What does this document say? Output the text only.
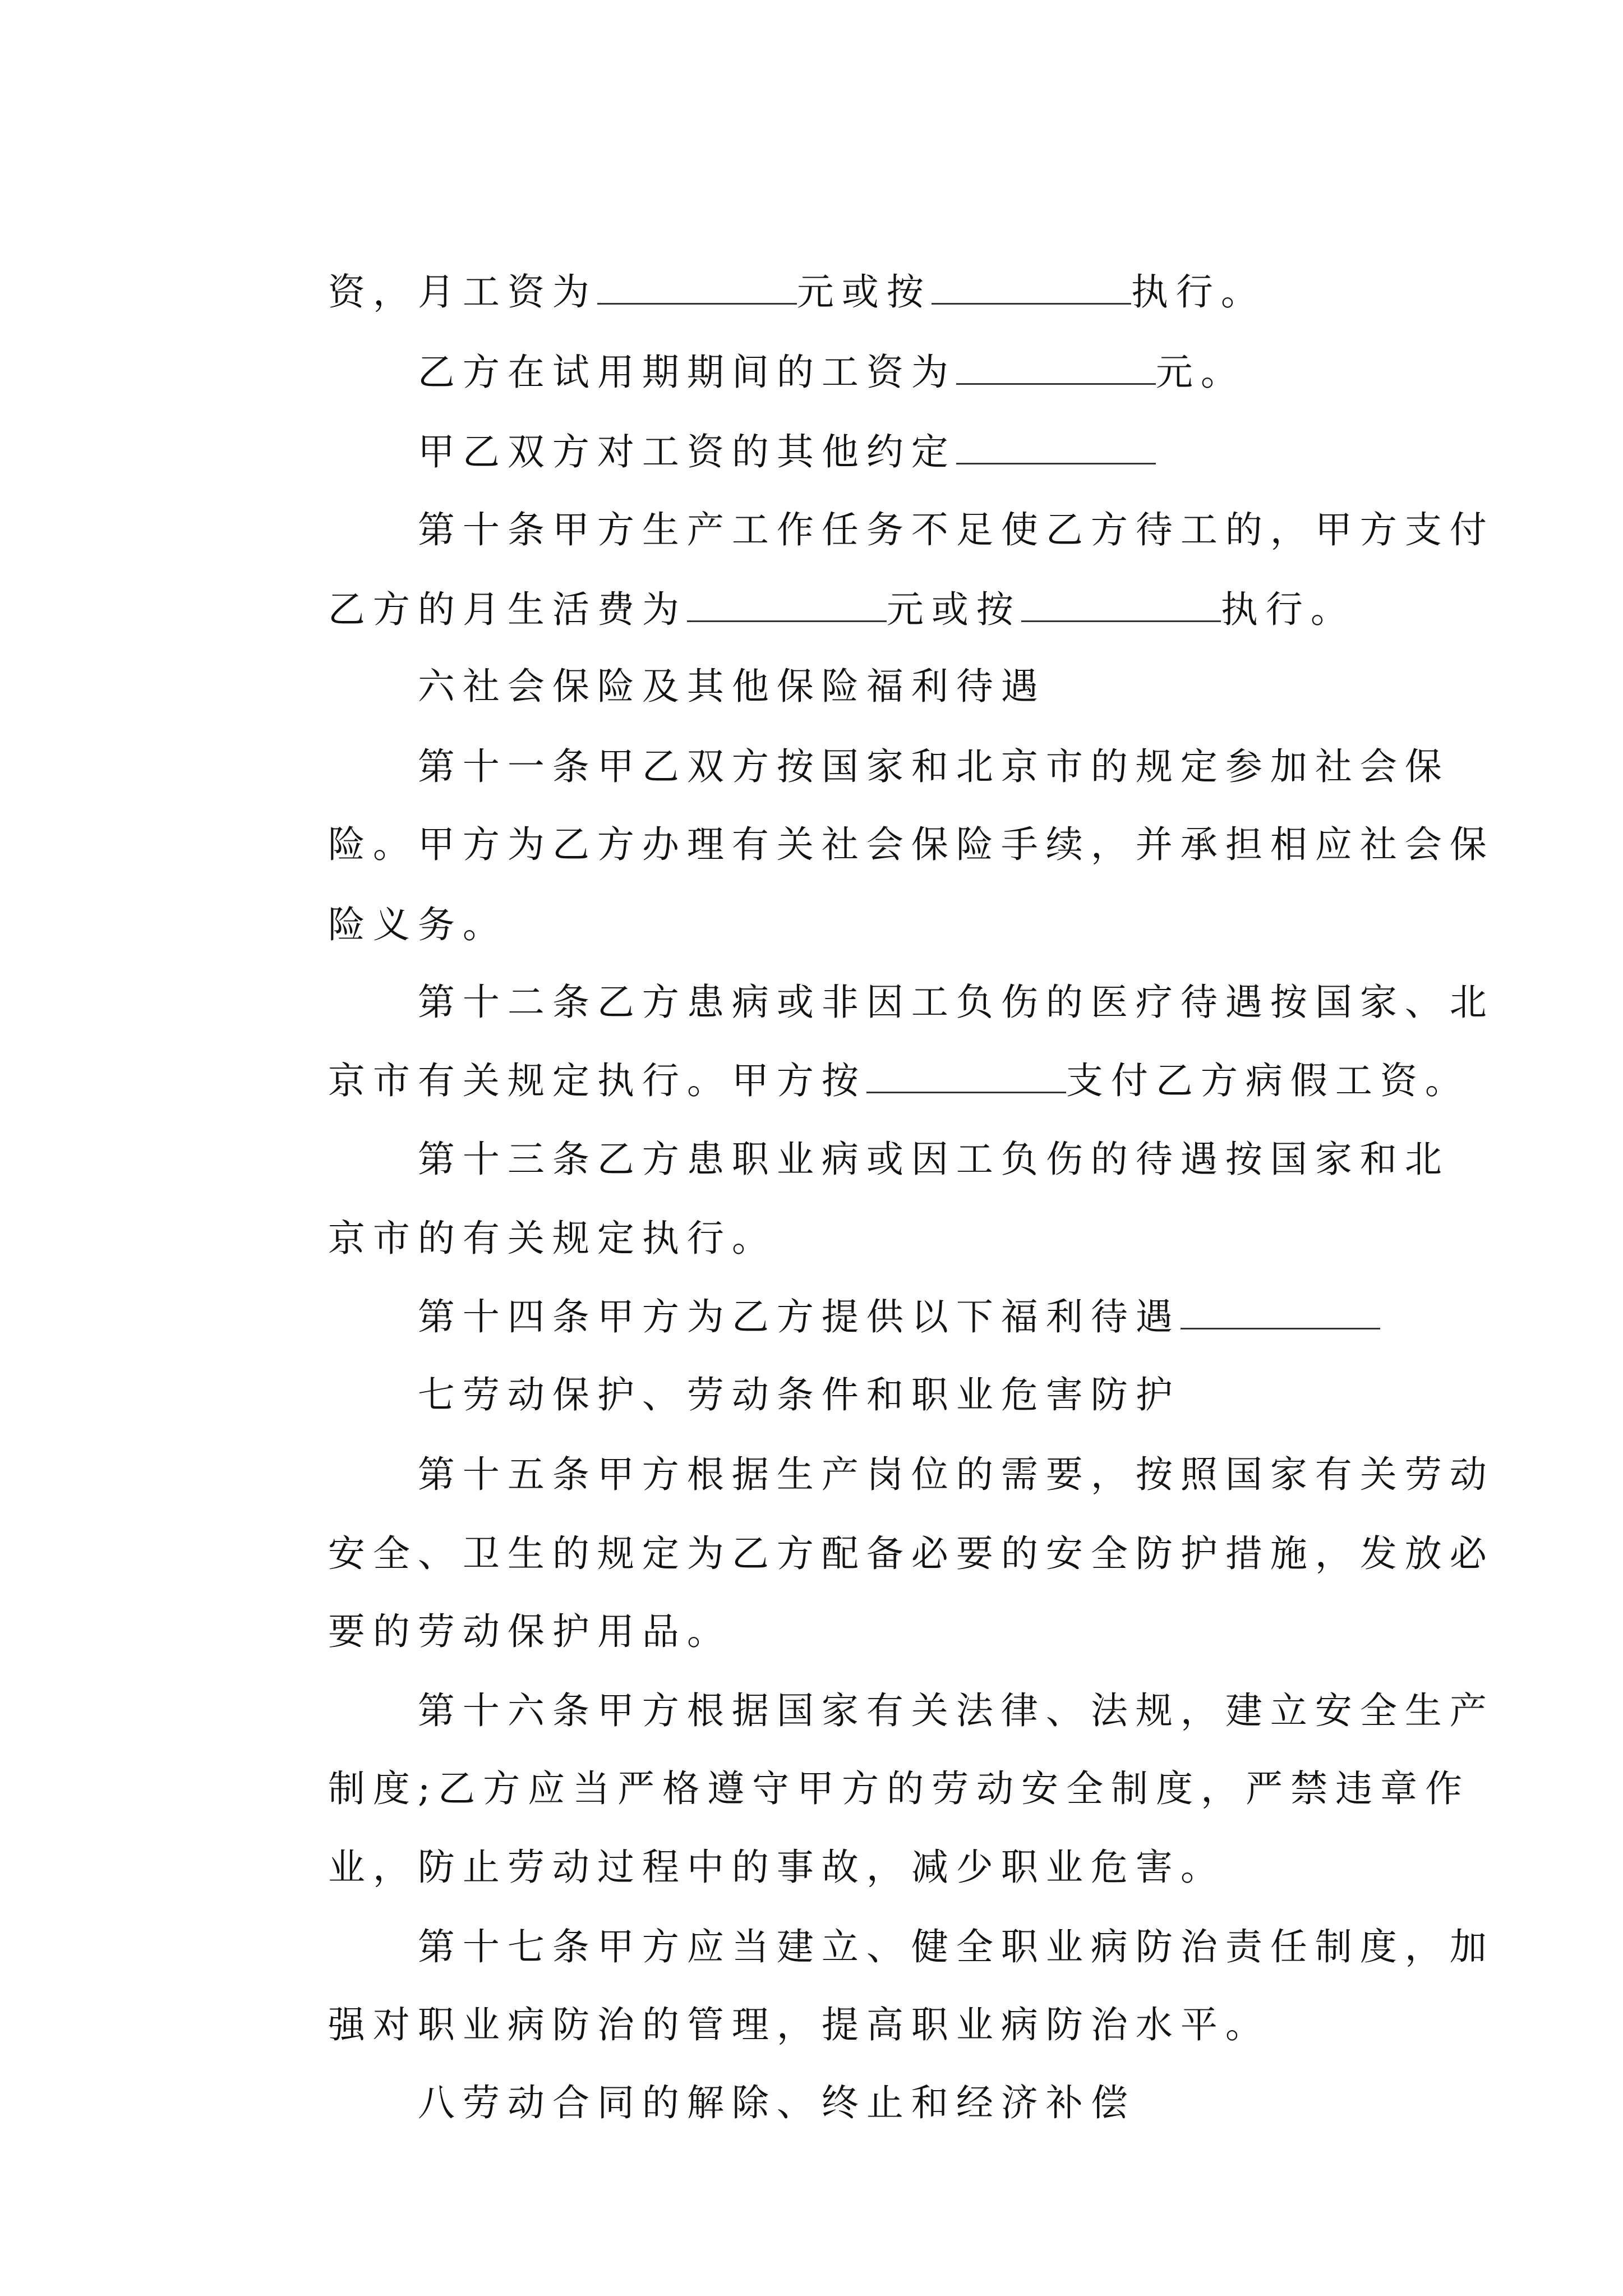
资，月工资为	元或按	执行。

乙方在试用期期间的工资为	元。

甲乙双方对工资的其他约定

第十条甲方生产工作任务不足使乙方待工的，甲方支付

乙方的月生活费为	元或按	执行。

六社会保险及其他保险福利待遇

第十一条甲乙双方按国家和北京市的规定参加社会保

险。甲方为乙方办理有关社会保险手续，并承担相应社会保

险义务。

第十二条乙方患病或非因工负伤的医疗待遇按国家、北

京市有关规定执行。甲方按	支付乙方病假工资。

第十三条乙方患职业病或因工负伤的待遇按国家和北

京市的有关规定执行。

第十四条甲方为乙方提供以下福利待遇

七劳动保护、劳动条件和职业危害防护

第十五条甲方根据生产岗位的需要，按照国家有关劳动

安全、卫生的规定为乙方配备必要的安全防护措施，发放必

要的劳动保护用品。

第十六条甲方根据国家有关法律、法规，建立安全生产

制度;乙方应当严格遵守甲方的劳动安全制度，严禁违章作

业，防止劳动过程中的事故，减少职业危害。

第十七条甲方应当建立、健全职业病防治责任制度，加

强对职业病防治的管理，提高职业病防治水平。

八劳动合同的解除、终止和经济补偿
